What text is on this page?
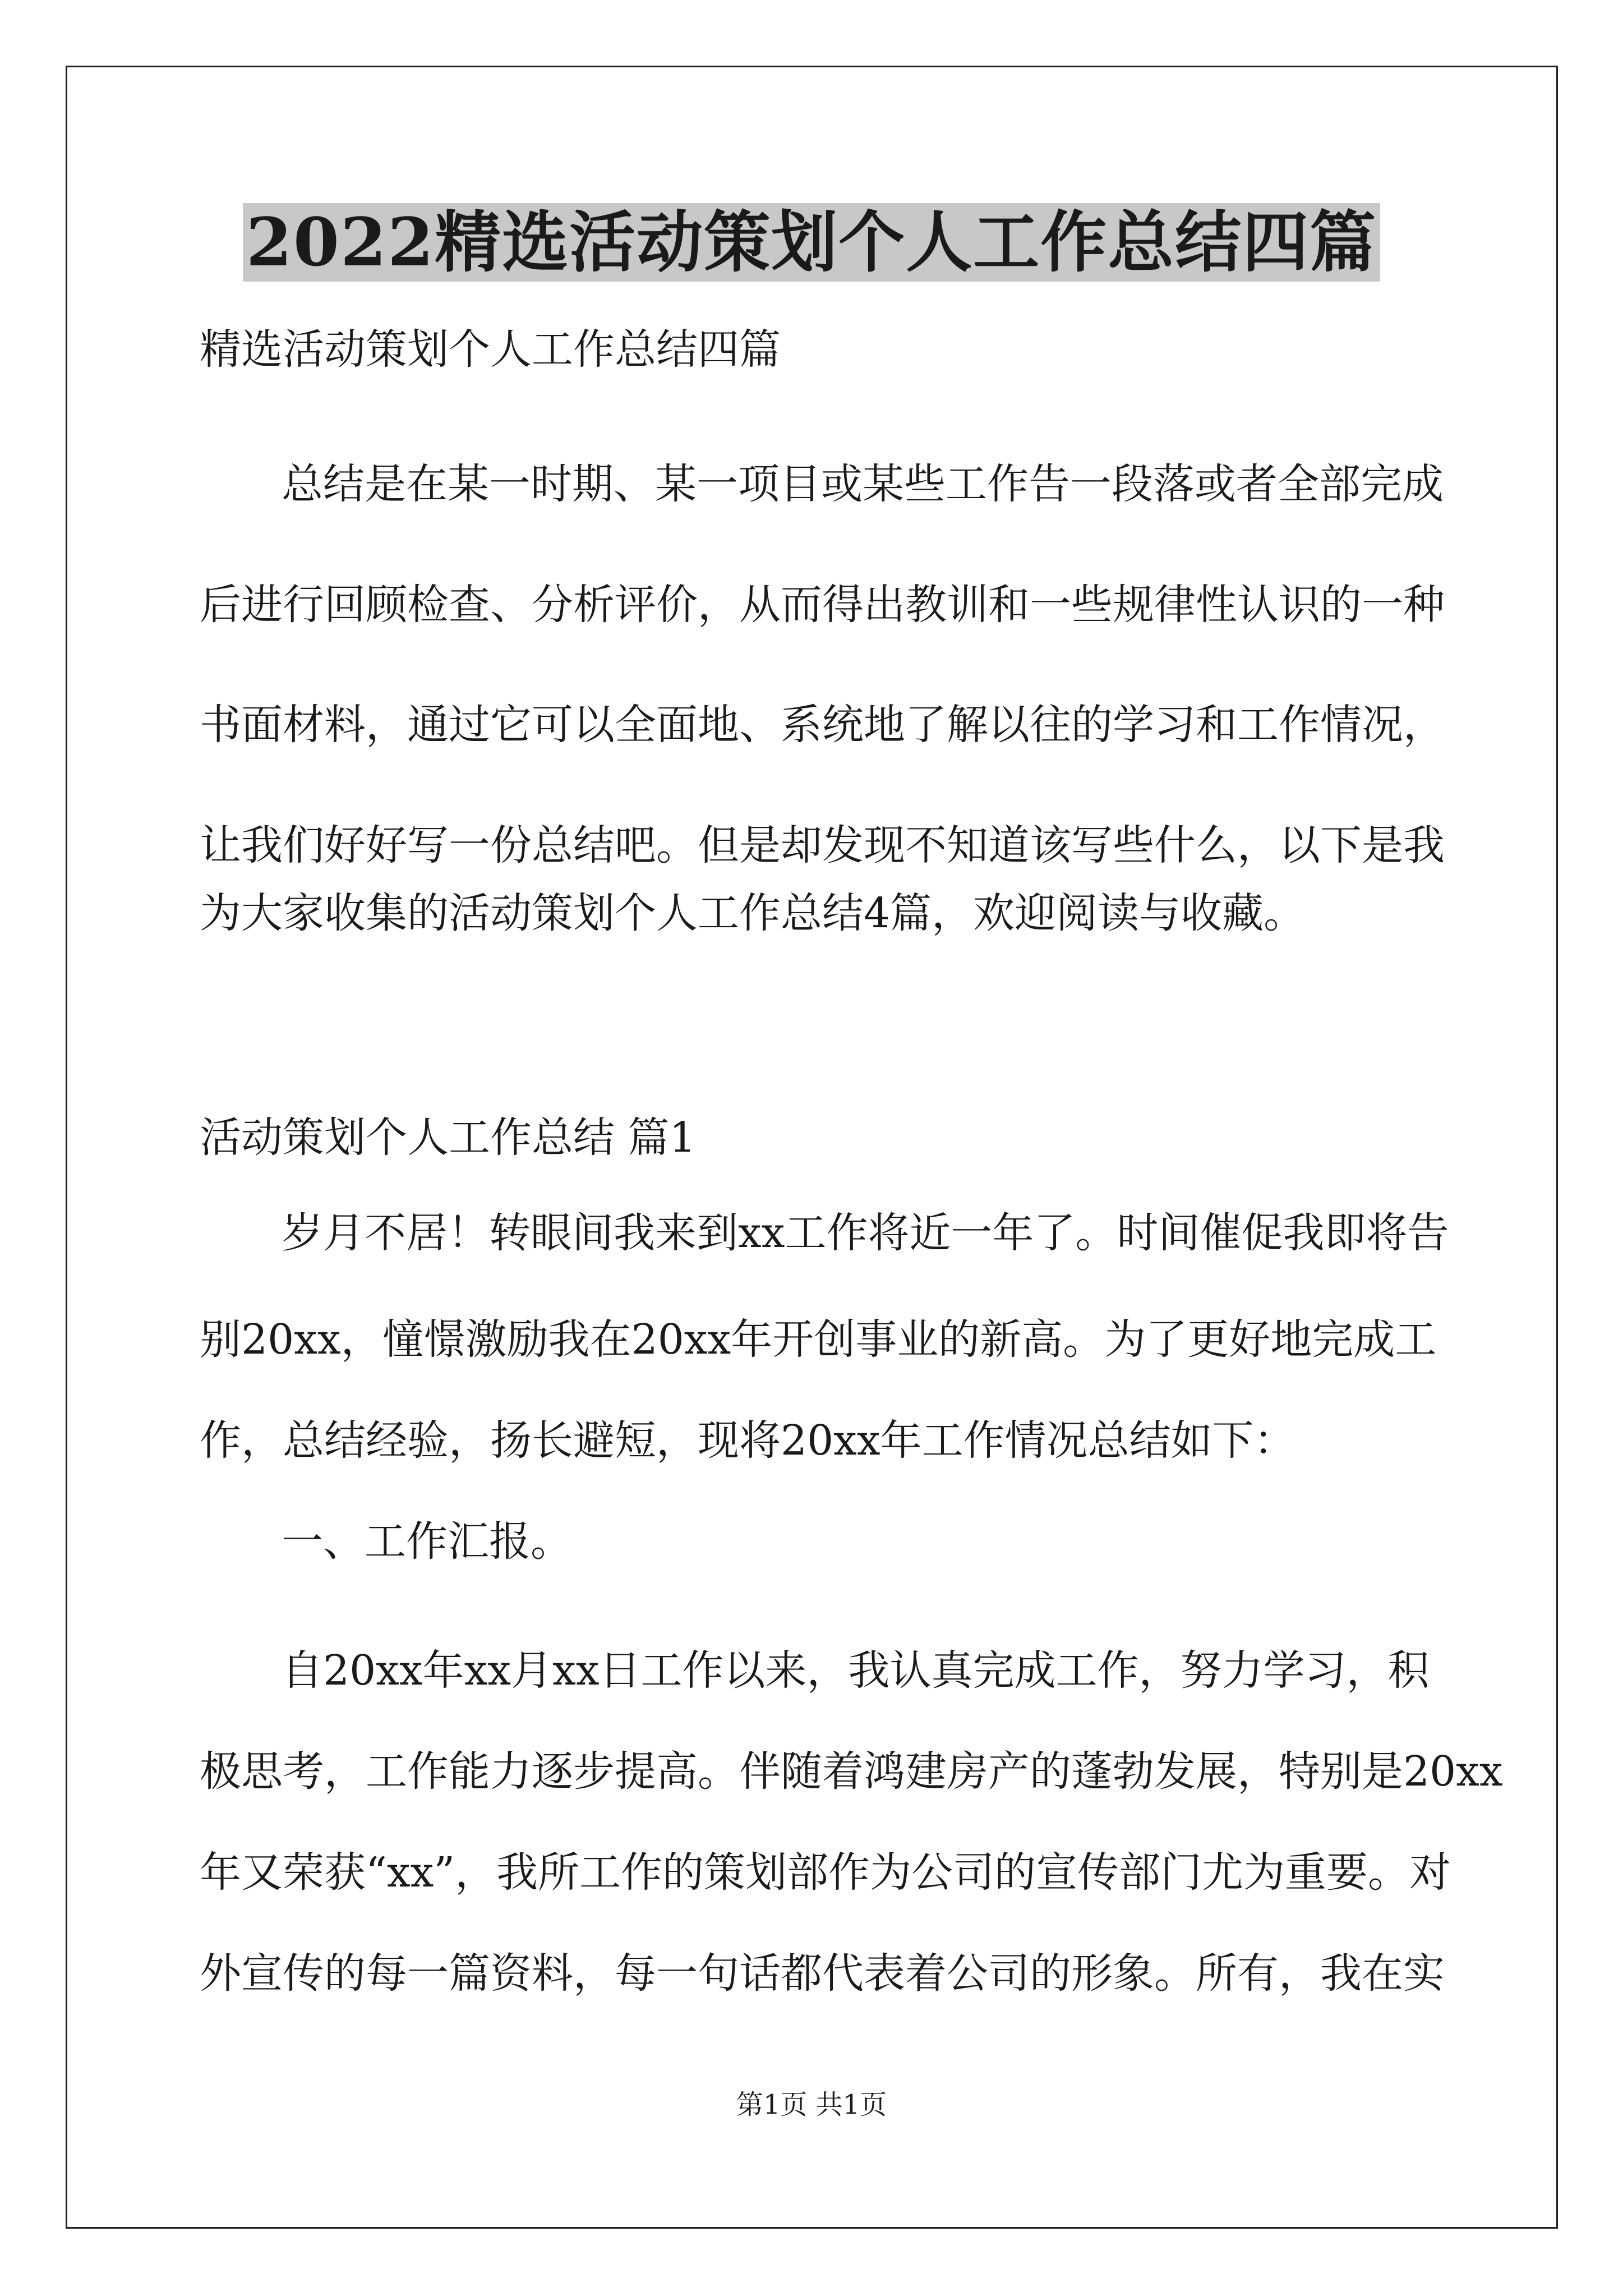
2022精选活动策划个人工作总结四篇
精选活动策划个人工作总结四篇
总结是在某一时期、某一项目或某些工作告一段落或者全部完成
后进行回顾检查、分析评价，从而得出教训和一些规律性认识的一种
书面材料，通过它可以全面地、系统地了解以往的学习和工作情况，
让我们好好写一份总结吧。但是却发现不知道该写些什么，以下是我
为大家收集的活动策划个人工作总结4篇，欢迎阅读与收藏。
活动策划个人工作总结 篇1
岁月不居！转眼间我来到xx工作将近一年了。时间催促我即将告
别20xx，憧憬激励我在20xx年开创事业的新高。为了更好地完成工
作，总结经验，扬长避短，现将20xx年工作情况总结如下：
一、工作汇报。
自20xx年xx月xx日工作以来，我认真完成工作，努力学习，积
极思考，工作能力逐步提高。伴随着鸿建房产的蓬勃发展，特别是20xx
年又荣获“xx”，我所工作的策划部作为公司的宣传部门尤为重要。对
外宣传的每一篇资料，每一句话都代表着公司的形象。所有，我在实
第1页 共1页
